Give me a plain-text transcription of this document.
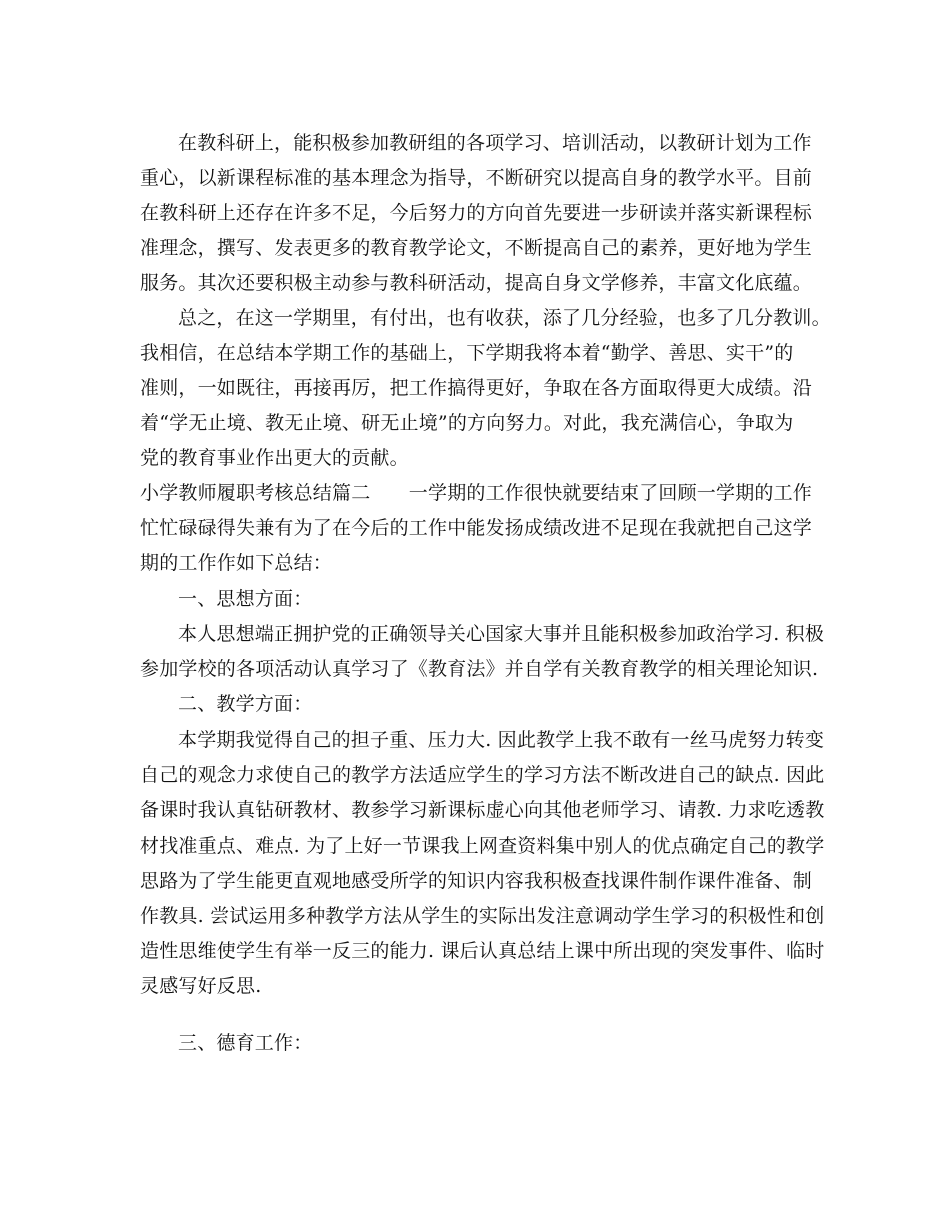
在教科研上，能积极参加教研组的各项学习、培训活动，以教研计划为工作
重心，以新课程标准的基本理念为指导，不断研究以提高自身的教学水平。目前
在教科研上还存在许多不足，今后努力的方向首先要进一步研读并落实新课程标
准理念，撰写、发表更多的教育教学论文，不断提高自己的素养，更好地为学生
服务。其次还要积极主动参与教科研活动，提高自身文学修养，丰富文化底蕴。
总之，在这一学期里，有付出，也有收获，添了几分经验，也多了几分教训。
我相信，在总结本学期工作的基础上，下学期我将本着“勤学、善思、实干”的
准则，一如既往，再接再厉，把工作搞得更好，争取在各方面取得更大成绩。沿
着“学无止境、教无止境、研无止境”的方向努力。对此，我充满信心，争取为
党的教育事业作出更大的贡献。
小学教师履职考核总结篇二　　一学期的工作很快就要结束了回顾一学期的工作
忙忙碌碌得失兼有为了在今后的工作中能发扬成绩改进不足现在我就把自己这学
期的工作作如下总结：
一、思想方面：
本人思想端正拥护党的正确领导关心国家大事并且能积极参加政治学习. 积极
参加学校的各项活动认真学习了《教育法》并自学有关教育教学的相关理论知识.
二、教学方面：
本学期我觉得自己的担子重、压力大. 因此教学上我不敢有一丝马虎努力转变
自己的观念力求使自己的教学方法适应学生的学习方法不断改进自己的缺点. 因此
备课时我认真钻研教材、教参学习新课标虚心向其他老师学习、请教. 力求吃透教
材找准重点、难点. 为了上好一节课我上网查资料集中别人的优点确定自己的教学
思路为了学生能更直观地感受所学的知识内容我积极查找课件制作课件准备、制
作教具. 尝试运用多种教学方法从学生的实际出发注意调动学生学习的积极性和创
造性思维使学生有举一反三的能力. 课后认真总结上课中所出现的突发事件、临时
灵感写好反思.
三、德育工作：
